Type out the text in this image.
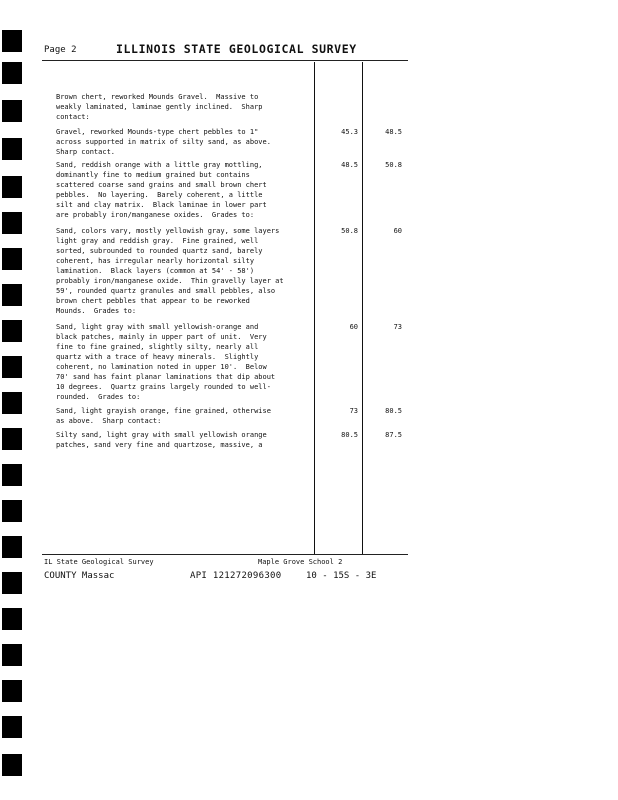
Page 2	ILLINOIS STATE GEOLOGICAL SURVEY
Brown chert, reworked Mounds Gravel.  Massive to
weakly laminated, laminae gently inclined.  Sharp
contact:
Gravel, reworked Mounds-type chert pebbles to 1"
across supported in matrix of silty sand, as above.
Sharp contact.
45.3	48.5
Sand, reddish orange with a little gray mottling,
dominantly fine to medium grained but contains
scattered coarse sand grains and small brown chert
pebbles.  No layering.  Barely coherent, a little
silt and clay matrix.  Black laminae in lower part
are probably iron/manganese oxides.  Grades to:
48.5	50.8
Sand, colors vary, mostly yellowish gray, some layers
light gray and reddish gray.  Fine grained, well
sorted, subrounded to rounded quartz sand, barely
coherent, has irregular nearly horizontal silty
lamination.  Black layers (common at 54' - 58')
probably iron/manganese oxide.  Thin gravelly layer at
59', rounded quartz granules and small pebbles, also
brown chert pebbles that appear to be reworked
Mounds.  Grades to:
50.8	60
Sand, light gray with small yellowish-orange and
black patches, mainly in upper part of unit.  Very
fine to fine grained, slightly silty, nearly all
quartz with a trace of heavy minerals.  Slightly
coherent, no lamination noted in upper 10'.  Below
70' sand has faint planar laminations that dip about
10 degrees.  Quartz grains largely rounded to well-
rounded.  Grades to:
60	73
Sand, light grayish orange, fine grained, otherwise
as above.  Sharp contact:
73	80.5
Silty sand, light gray with small yellowish orange
patches, sand very fine and quartzose, massive, a
80.5	87.5
IL State Geological Survey	Maple Grove School 2
COUNTY Massac	API 121272096300	10 - 15S - 3E
